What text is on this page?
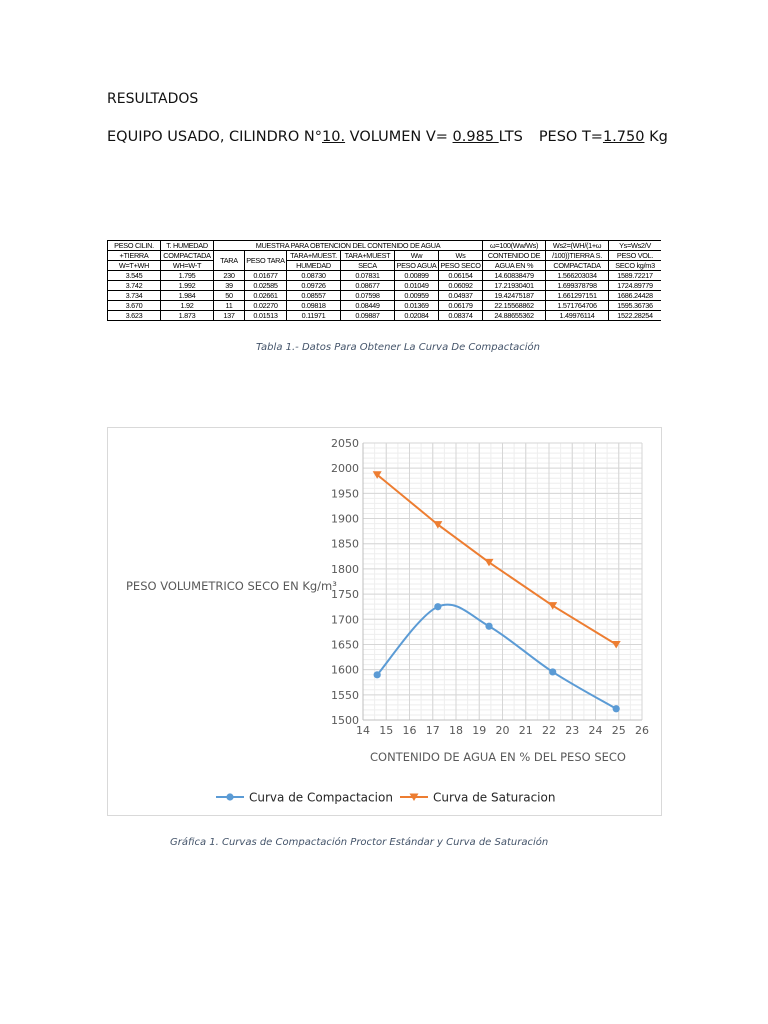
RESULTADOS
EQUIPO USADO, CILINDRO N°10. VOLUMEN V= 0.985 LTS PESO T=1.750 Kg
PESO CILIN.	T. HUMEDAD	MUESTRA PARA OBTENCION DEL CONTENIDO DE AGUA						ω=100(Ww/Ws)	Ws2=(WH/(1+ω	Ys=Ws2/V
+TIERRA	COMPACTADA	TARA	PESO TARA	TARA+MUEST.	TARA+MUEST	Ww	Ws	CONTENIDO DE	/100))TIERRA S.	PESO VOL.
W=T+WH	WH=W-T			HUMEDAD	SECA	PESO AGUA	PESO SECO	AGUA EN %	COMPACTADA	SECO kg/m3
3.545	1.795	230	0.01677	0.08730	0.07831	0.00899	0.06154	14.60838479	1.566203034	1589.72217
3.742	1.992	39	0.02585	0.09726	0.08677	0.01049	0.06092	17.21930401	1.699378798	1724.89779
3.734	1.984	50	0.02661	0.08557	0.07598	0.00959	0.04937	19.42475187	1.661297151	1686.24428
3.670	1.92	11	0.02270	0.09818	0.08449	0.01369	0.06179	22.15568862	1.571764706	1595.36736
3.623	1.873	137	0.01513	0.11971	0.09887	0.02084	0.08374	24.88655362	1.49976114	1522.28254
Tabla 1.- Datos Para Obtener La Curva De Compactación
14 15 16 17 18 19 20 21 22 23 24 25 26
1500
1550
1600
1650
1700
1750
1800
1850
1900
1950
2000
2050
PESO VOLUMETRICO SECO EN Kg/m³
CONTENIDO DE AGUA EN % DEL PESO SECO
Curva de Compactacion	Curva de Saturacion
Gráfica 1. Curvas de Compactación Proctor Estándar y Curva de Saturación
